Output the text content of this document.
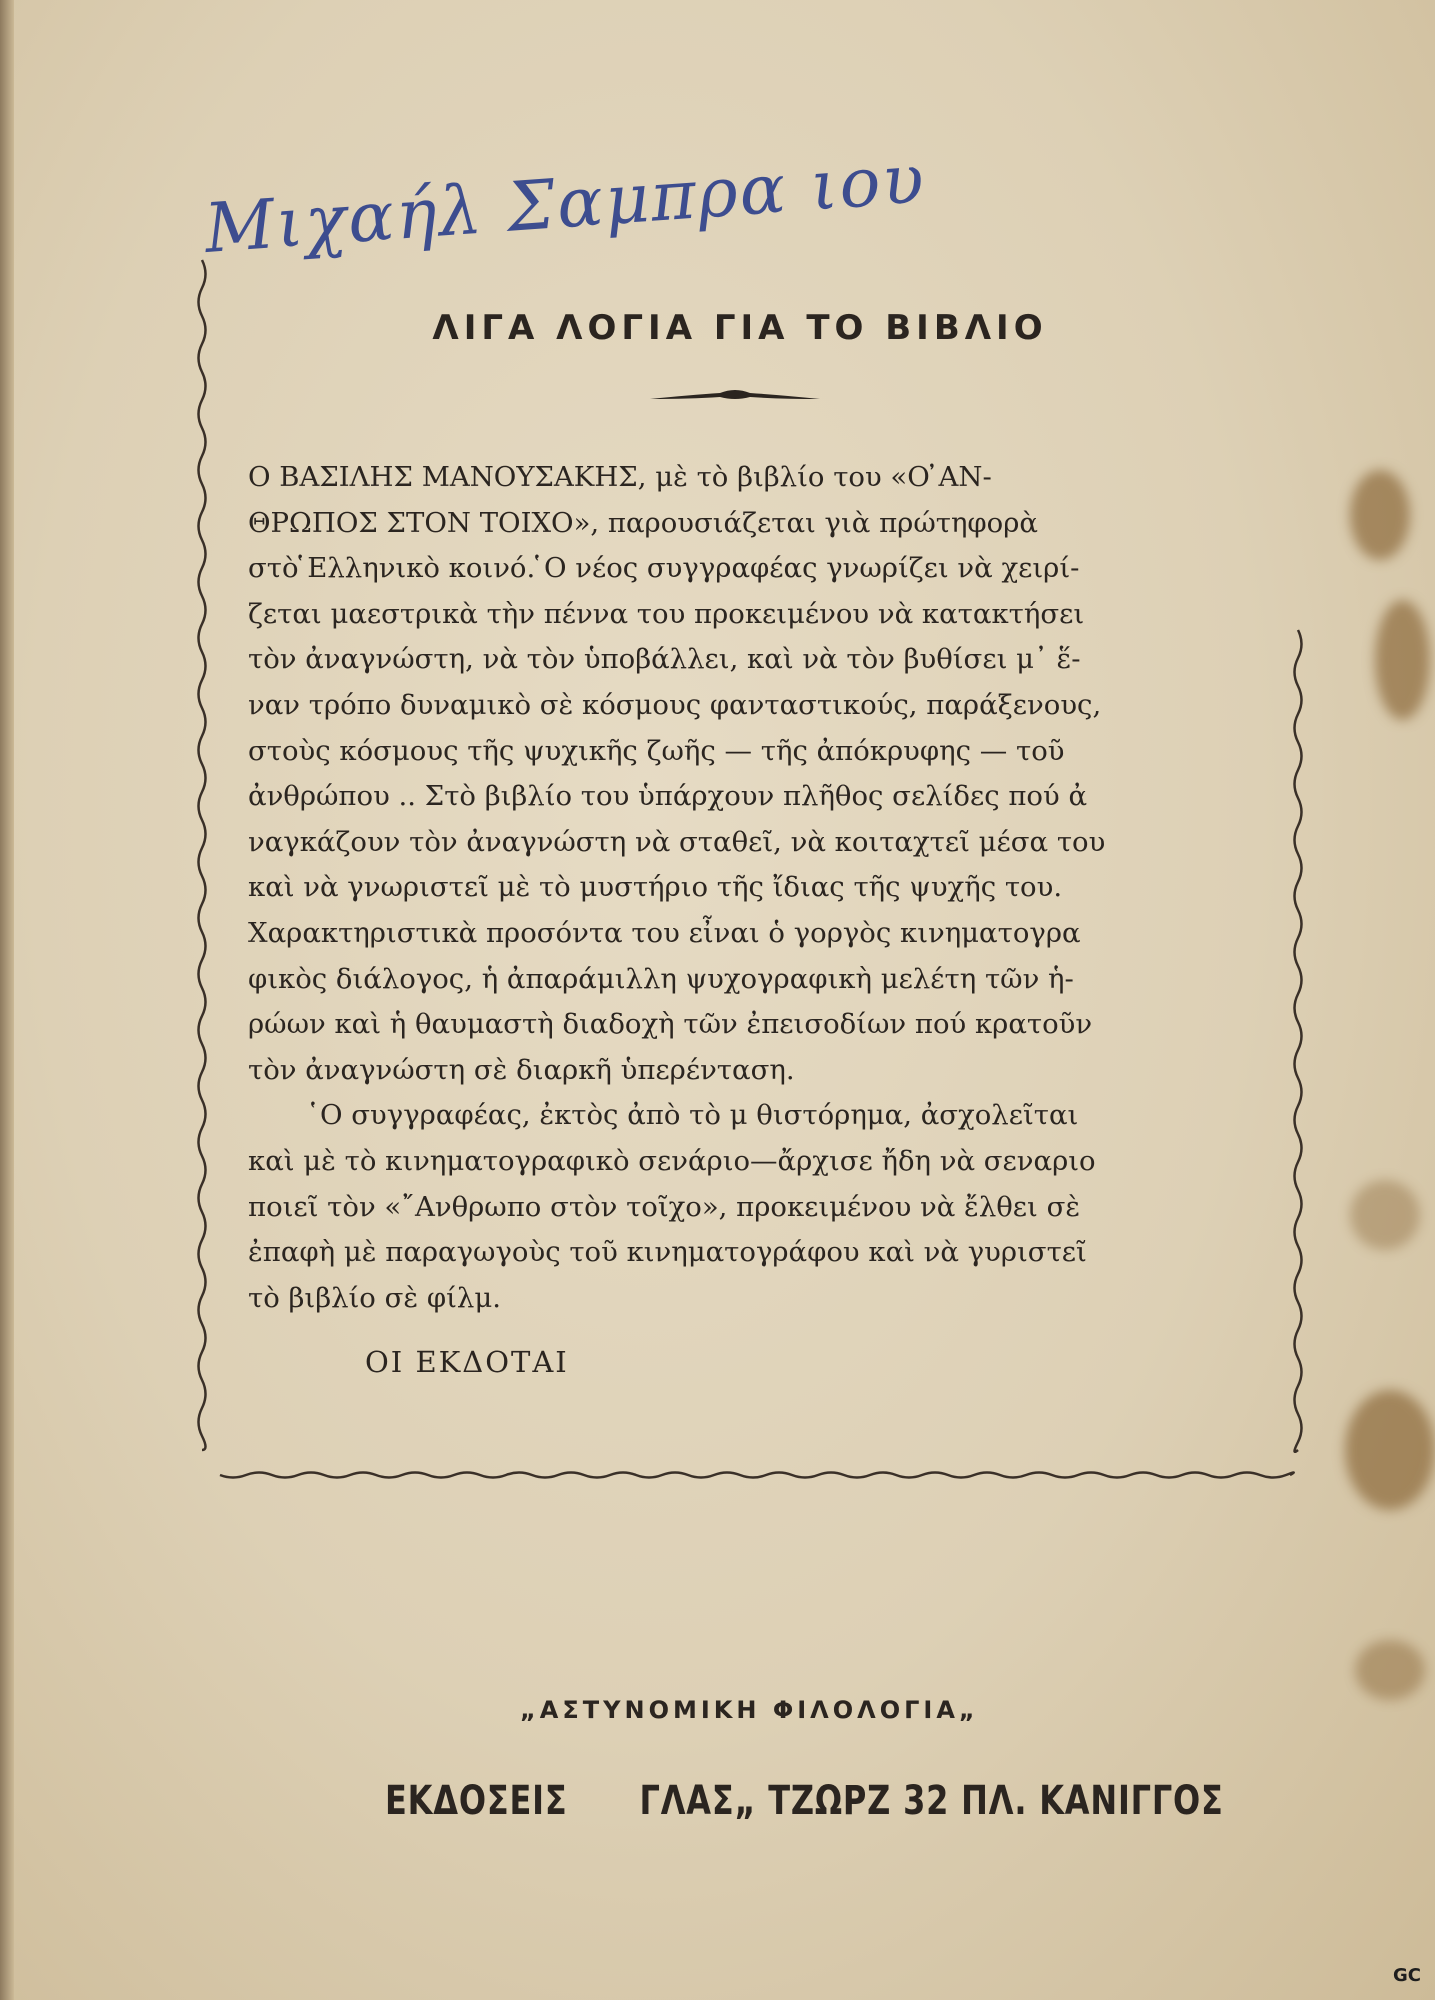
Μιχαήλ Σαμπρα ιου
ΛΙΓΑ ΛΟΓΙΑ ΓΙΑ ΤΟ ΒΙΒΛΙΟ
Ο ΒΑΣΙΛΗΣ ΜΑΝΟΥΣΑΚΗΣ, μὲ τὸ βιβλίο του «Ο ̓ΑΝ-
ΘΡΩΠΟΣ ΣΤΟΝ ΤΟΙΧΟ», παρουσιάζεται γιὰ πρώτηφορὰ
στὸ ̔Ελληνικὸ κοινό. ̔Ο νέος συγγραφέας γνωρίζει νὰ χειρί-
ζεται μαεστρικὰ τὴν πέννα του προκειμένου νὰ κατακτήσει
τὸν ἀναγνώστη, νὰ τὸν ὑποβάλλει, καὶ νὰ τὸν βυθίσει μ᾿ ἕ-
ναν τρόπο δυναμικὸ σὲ κόσμους φανταστικούς, παράξενους,
στοὺς κόσμους τῆς ψυχικῆς ζωῆς — τῆς ἀπόκρυφης — τοῦ
ἀνθρώπου .. Στὸ βιβλίο του ὑπάρχουν πλῆθος σελίδες πού ἀ
ναγκάζουν τὸν ἀναγνώστη νὰ σταθεῖ, νὰ κοιταχτεῖ μέσα του
καὶ νὰ γνωριστεῖ μὲ τὸ μυστήριο τῆς ἴδιας τῆς ψυχῆς του.
Χαρακτηριστικὰ προσόντα του εἶναι ὁ γοργὸς κινηματογρα
φικὸς διάλογος, ἡ ἀπαράμιλλη ψυχογραφικὴ μελέτη τῶν ἡ-
ρώων καὶ ἡ θαυμαστὴ διαδοχὴ τῶν ἐπεισοδίων πού κρατοῦν
τὸν ἀναγνώστη σὲ διαρκῆ ὑπερένταση.
̔Ο συγγραφέας, ἐκτὸς ἀπὸ τὸ μ θιστόρημα, ἀσχολεῖται
καὶ μὲ τὸ κινηματογραφικὸ σενάριο—ἄρχισε ἤδη νὰ σεναριο
ποιεῖ τὸν «῎Ανθρωπο στὸν τοῖχο», προκειμένου νὰ ἔλθει σὲ
ἐπαφὴ μὲ παραγωγοὺς τοῦ κινηματογράφου καὶ νὰ γυριστεῖ
τὸ βιβλίο σὲ φίλμ.
ΟΙ ΕΚΔΟΤΑΙ
„ΑΣΤΥΝΟΜΙΚΗ ΦΙΛΟΛΟΓΙΑ„
ΕΚΔΟΣΕΙΣ ΓΛΑΣ„ ΤΖΩΡΖ 32 ΠΛ. ΚΑΝΙΓΓΟΣ
GC
